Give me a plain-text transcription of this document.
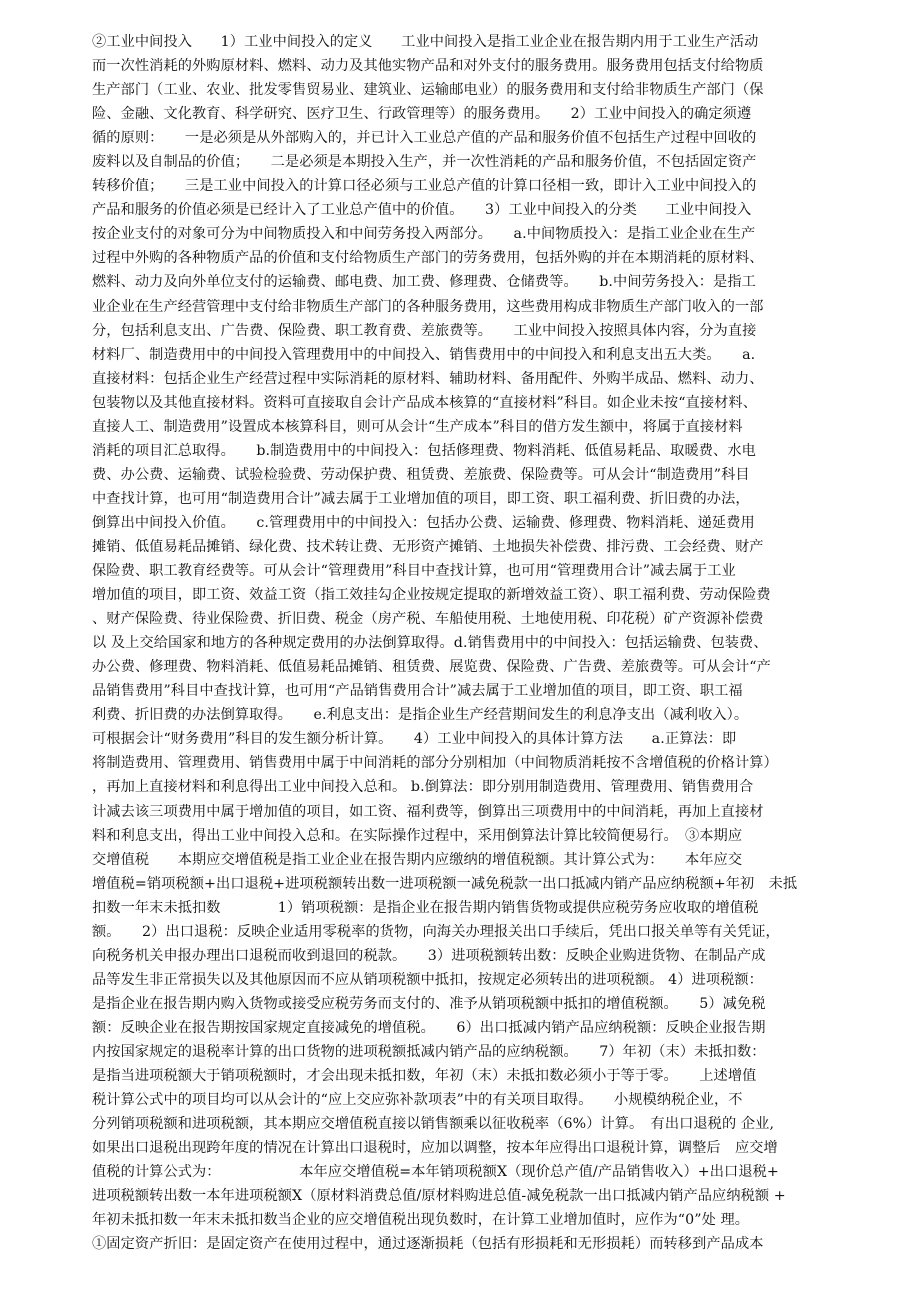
②工业中间投入　　1）工业中间投入的定义　　工业中间投入是指工业企业在报告期内用于工业生产活动
而一次性消耗的外购原材料、燃料、动力及其他实物产品和对外支付的服务费用。服务费用包括支付给物质
生产部门（工业、农业、批发零售贸易业、建筑业、运输邮电业）的服务费用和支付给非物质生产部门（保
险、金融、文化教育、科学研究、医疗卫生、行政管理等）的服务费用。　　2）工业中间投入的确定须遵
循的原则：　　一是必须是从外部购入的，并已计入工业总产值的产品和服务价值不包括生产过程中回收的
废料以及自制品的价值；　　二是必须是本期投入生产，并一次性消耗的产品和服务价值，不包括固定资产
转移价值；　　三是工业中间投入的计算口径必须与工业总产值的计算口径相一致，即计入工业中间投入的
产品和服务的价值必须是已经计入了工业总产值中的价值。　　3）工业中间投入的分类　　工业中间投入
按企业支付的对象可分为中间物质投入和中间劳务投入两部分。　　a.中间物质投入：是指工业企业在生产
过程中外购的各种物质产品的价值和支付给物质生产部门的劳务费用，包括外购的并在本期消耗的原材料、
燃料、动力及向外单位支付的运输费、邮电费、加工费、修理费、仓储费等。　　b.中间劳务投入：是指工
业企业在生产经营管理中支付给非物质生产部门的各种服务费用，这些费用构成非物质生产部门收入的一部
分，包括利息支出、广告费、保险费、职工教育费、差旅费等。　　工业中间投入按照具体内容，分为直接
材料厂、制造费用中的中间投入管理费用中的中间投入、销售费用中的中间投入和利息支出五大类。　　a.
直接材料：包括企业生产经营过程中实际消耗的原材料、辅助材料、备用配件、外购半成品、燃料、动力、
包装物以及其他直接材料。资料可直接取自会计产品成本核算的“直接材料”科目。如企业未按“直接材料、
直接人工、制造费用”设置成本核算科目，则可从会计“生产成本”科目的借方发生额中，将属于直接材料
消耗的项目汇总取得。　　b.制造费用中的中间投入：包括修理费、物料消耗、低值易耗品、取暖费、水电
费、办公费、运输费、试验检验费、劳动保护费、租赁费、差旅费、保险费等。可从会计“制造费用”科目
中查找计算，也可用“制造费用合计”减去属于工业增加值的项目，即工资、职工福利费、折旧费的办法，
倒算出中间投入价值。　　c.管理费用中的中间投入：包括办公费、运输费、修理费、物料消耗、递延费用
摊销、低值易耗品摊销、绿化费、技术转让费、无形资产摊销、土地损失补偿费、排污费、工会经费、财产
保险费、职工教育经费等。可从会计“管理费用”科目中查找计算，也可用“管理费用合计”减去属于工业
增加值的项目，即工资、效益工资（指工效挂勾企业按规定提取的新增效益工资）、职工福利费、劳动保险费
、财产保险费、待业保险费、折旧费、税金（房产税、车船使用税、土地使用税、印花税）矿产资源补偿费
以 及上交给国家和地方的各种规定费用的办法倒算取得。d.销售费用中的中间投入：包括运输费、包装费、
办公费、修理费、物料消耗、低值易耗品摊销、租赁费、展览费、保险费、广告费、差旅费等。可从会计“产
品销售费用”科目中查找计算，也可用“产品销售费用合计”减去属于工业增加值的项目，即工资、职工福
利费、折旧费的办法倒算取得。　　e.利息支出：是指企业生产经营期间发生的利息净支出（减利收入）。
可根据会计“财务费用”科目的发生额分析计算。　　4）工业中间投入的具体计算方法　　a.正算法：即
将制造费用、管理费用、销售费用中属于中间消耗的部分分别相加（中间物质消耗按不含增值税的价格计算）
，再加上直接材料和利息得出工业中间投入总和。 b.倒算法：即分别用制造费用、管理费用、销售费用合
计减去该三项费用中属于增加值的项目，如工资、福利费等，倒算出三项费用中的中间消耗，再加上直接材
料和利息支出，得出工业中间投入总和。在实际操作过程中，采用倒算法计算比较简便易行。　③本期应
交增值税　　本期应交增值税是指工业企业在报告期内应缴纳的增值税额。其计算公式为：　　本年应交
增值税=销项税额+出口退税+进项税额转出数一进项税额一减免税款一出口抵减内销产品应纳税额+年初　未抵
扣数一年末未抵扣数　　　　1）销项税额：是指企业在报告期内销售货物或提供应税劳务应收取的增值税
额。　　2）出口退税：反映企业适用零税率的货物，向海关办理报关出口手续后，凭出口报关单等有关凭证，
向税务机关申报办理出口退税而收到退回的税款。　　3）进项税额转出数：反映企业购进货物、在制品产成
品等发生非正常损失以及其他原因而不应从销项税额中抵扣，按规定必须转出的进项税额。 4）进项税额：
是指企业在报告期内购入货物或接受应税劳务而支付的、准予从销项税额中抵扣的增值税额。　　5）减免税
额：反映企业在报告期按国家规定直接减免的增值税。　　6）出口抵减内销产品应纳税额：反映企业报告期
内按国家规定的退税率计算的出口货物的进项税额抵减内销产品的应纳税额。　　7）年初（末）未抵扣数：
是指当进项税额大于销项税额时，才会出现未抵扣数，年初（末）未抵扣数必须小于等于零。　　上述增值
税计算公式中的项目均可以从会计的“应上交应弥补款项表”中的有关项目取得。　　小规模纳税企业，不
分列销项税额和进项税额，其本期应交增值税直接以销售额乘以征收税率（6%）计算。　有出口退税的 企业,
如果出口退税出现跨年度的情况在计算出口退税时，应加以调整，按本年应得出口退税计算，调整后　应交增
值税的计算公式为：　　　　　　本年应交增值税=本年销项税额X（现价总产值/产品销售收入）+出口退税+
进项税额转出数一本年进项税额X（原材料消费总值/原材料购进总值-减免税款一出口抵减内销产品应纳税额 +
年初未抵扣数一年末未抵扣数当企业的应交增值税出现负数时，在计算工业增加值时，应作为“0”处 理。
①固定资产折旧：是固定资产在使用过程中，通过逐渐损耗（包括有形损耗和无形损耗）而转移到产品成本
